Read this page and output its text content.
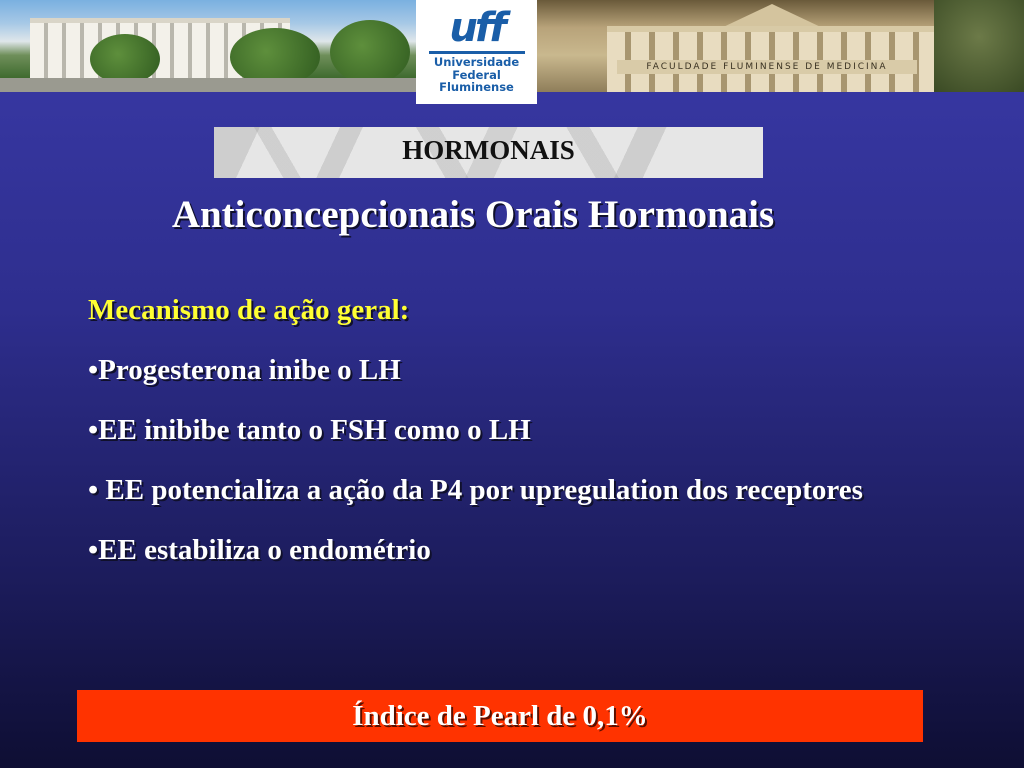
FACULDADE FLUMINENSE DE MEDICINA
uff
Universidade
Federal
Fluminense
HORMONAIS
Anticoncepcionais Orais Hormonais

Mecanismo de ação geral:

•Progesterona inibe o LH

•EE inibibe tanto o FSH como o LH

• EE potencializa a ação da P4 por upregulation dos receptores

•EE estabiliza o endométrio

Índice de Pearl de 0,1%
